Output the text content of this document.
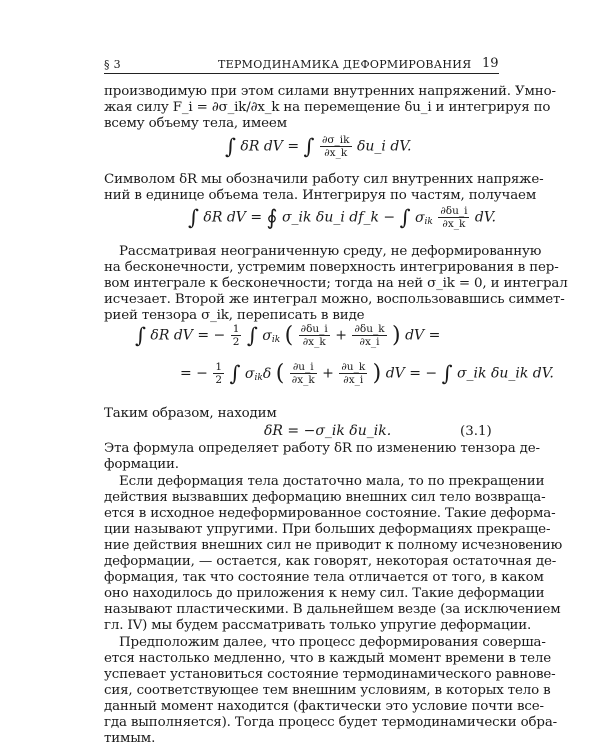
§ 3	ТЕРМОДИНАМИКА ДЕФОРМИРОВАНИЯ 19
производимую при этом силами внутренних напряжений. Умно-
жая силу F_i = ∂σ_ik/∂x_k на перемещение δu_i и интегрируя по
всему объему тела, имеем
∫ δR dV = ∫ $\frac{\partial\sigma\_ik}{\partial x\_k}$ δu_i dV.
Символом δR мы обозначили работу сил внутренних напряже-
ний в единице объема тела. Интегрируя по частям, получаем
∫ δR dV = ∮ σ_ik δu_i df_k − ∫ $\sigma_{ik} \frac{\partial\delta u\_i}{\partial x\_k}$ dV.
Рассматривая неограниченную среду, не деформированную
на бесконечности, устремим поверхность интегрирования в пер-
вом интеграле к бесконечности; тогда на ней σ_ik = 0, и интеграл
исчезает. Второй же интеграл можно, воспользовавшись симмет-
рией тензора σ_ik, переписать в виде
∫ δR dV = − $\frac{1}{2}$ ∫ $\sigma_{ik}$ ( $\frac{\partial\delta u\_i}{\partial x\_k} + \frac{\partial\delta u\_k}{\partial x\_i}$ ) dV =
= − $\frac{1}{2}$ ∫ $\sigma_{ik}\delta$ ( $\frac{\partial u\_i}{\partial x\_k} + \frac{\partial u\_k}{\partial x\_i}$ ) dV = − ∫ σ_ik δu_ik dV.
Таким образом, находим
δR = −σ_ik δu_ik.	(3.1)
Эта формула определяет работу δR по изменению тензора де-
формации.
Если деформация тела достаточно мала, то по прекращении
действия вызвавших деформацию внешних сил тело возвраща-
ется в исходное недеформированное состояние. Такие деформа-
ции называют упругими. При больших деформациях прекраще-
ние действия внешних сил не приводит к полному исчезновению
деформации, — остается, как говорят, некоторая остаточная де-
формация, так что состояние тела отличается от того, в каком
оно находилось до приложения к нему сил. Такие деформации
называют пластическими. В дальнейшем везде (за исключением
гл. IV) мы будем рассматривать только упругие деформации.
Предположим далее, что процесс деформирования совершa-
ется настолько медленно, что в каждый момент времени в теле
успевает установиться состояние термодинамического равнове-
сия, соответствующее тем внешним условиям, в которых тело в
данный момент находится (фактически это условие почти все-
гда выполняется). Тогда процесс будет термодинамически обра-
тимым.
